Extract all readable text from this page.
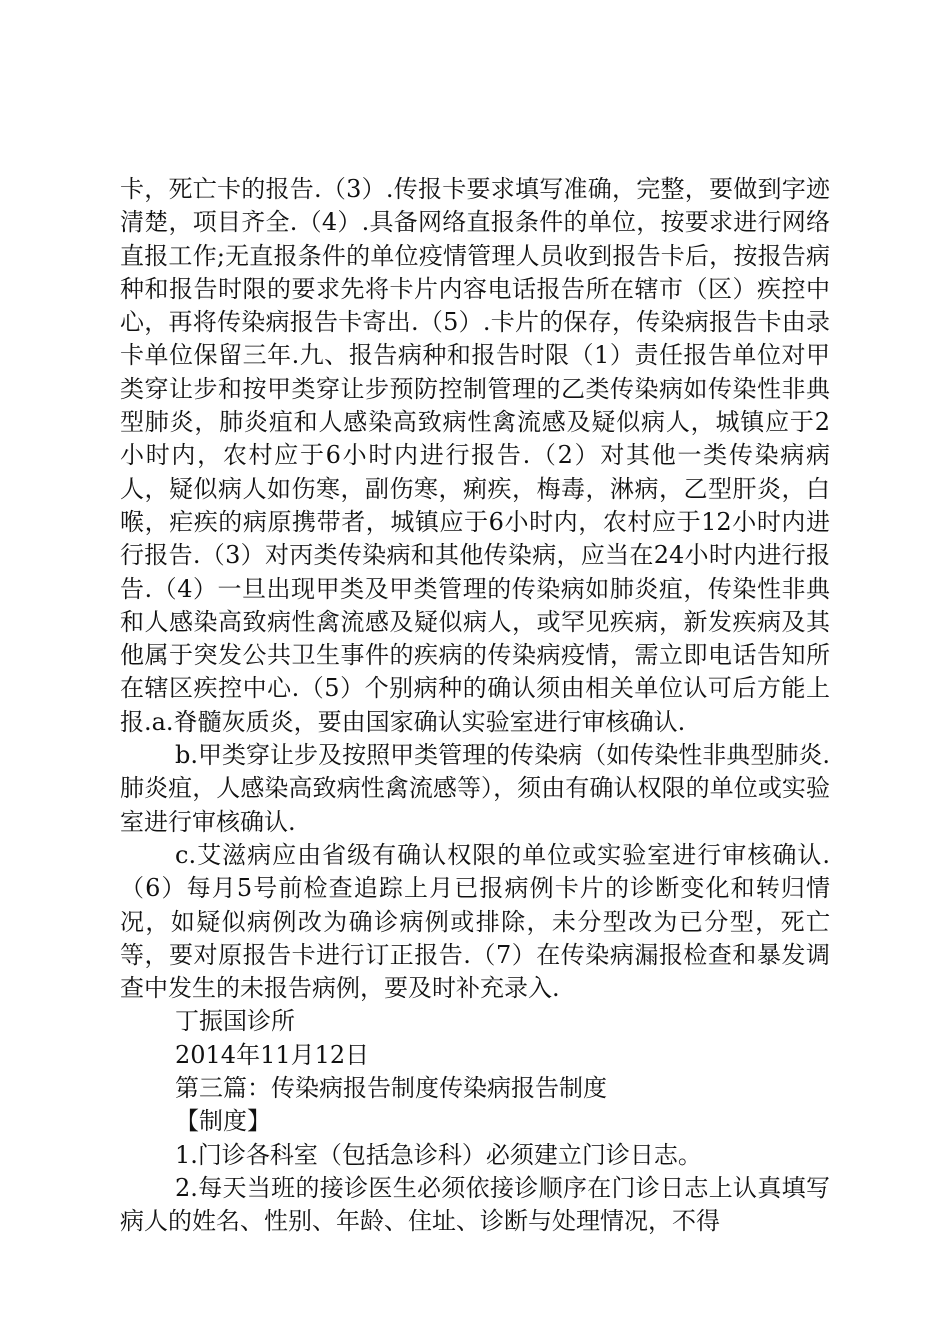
卡，死亡卡的报告.（3）.传报卡要求填写准确，完整，要做到字迹清楚，项目齐全.（4）.具备网络直报条件的单位，按要求进行网络直报工作;无直报条件的单位疫情管理人员收到报告卡后，按报告病种和报告时限的要求先将卡片内容电话报告所在辖市（区）疾控中心，再将传染病报告卡寄出.（5）.卡片的保存，传染病报告卡由录卡单位保留三年.九、报告病种和报告时限（1）责任报告单位对甲类穿让步和按甲类穿让步预防控制管理的乙类传染病如传染性非典型肺炎，肺炎疽和人感染高致病性禽流感及疑似病人，城镇应于2小时内，农村应于6小时内进行报告.（2）对其他一类传染病病人，疑似病人如伤寒，副伤寒，痢疾，梅毒，淋病，乙型肝炎，白喉，疟疾的病原携带者，城镇应于6小时内，农村应于12小时内进行报告.（3）对丙类传染病和其他传染病，应当在24小时内进行报告.（4）一旦出现甲类及甲类管理的传染病如肺炎疽，传染性非典和人感染高致病性禽流感及疑似病人，或罕见疾病，新发疾病及其他属于突发公共卫生事件的疾病的传染病疫情，需立即电话告知所在辖区疾控中心.（5）个别病种的确认须由相关单位认可后方能上报.a.脊髓灰质炎，要由国家确认实验室进行审核确认.

b.甲类穿让步及按照甲类管理的传染病（如传染性非典型肺炎.肺炎疽，人感染高致病性禽流感等），须由有确认权限的单位或实验室进行审核确认.

c.艾滋病应由省级有确认权限的单位或实验室进行审核确认.（6）每月5号前检查追踪上月已报病例卡片的诊断变化和转归情况，如疑似病例改为确诊病例或排除，未分型改为已分型，死亡等，要对原报告卡进行订正报告.（7）在传染病漏报检查和暴发调查中发生的未报告病例，要及时补充录入.

丁振国诊所

2014年11月12日

第三篇：传染病报告制度传染病报告制度

【制度】

1.门诊各科室（包括急诊科）必须建立门诊日志。

2.每天当班的接诊医生必须依接诊顺序在门诊日志上认真填写病人的姓名、性别、年龄、住址、诊断与处理情况，不得
